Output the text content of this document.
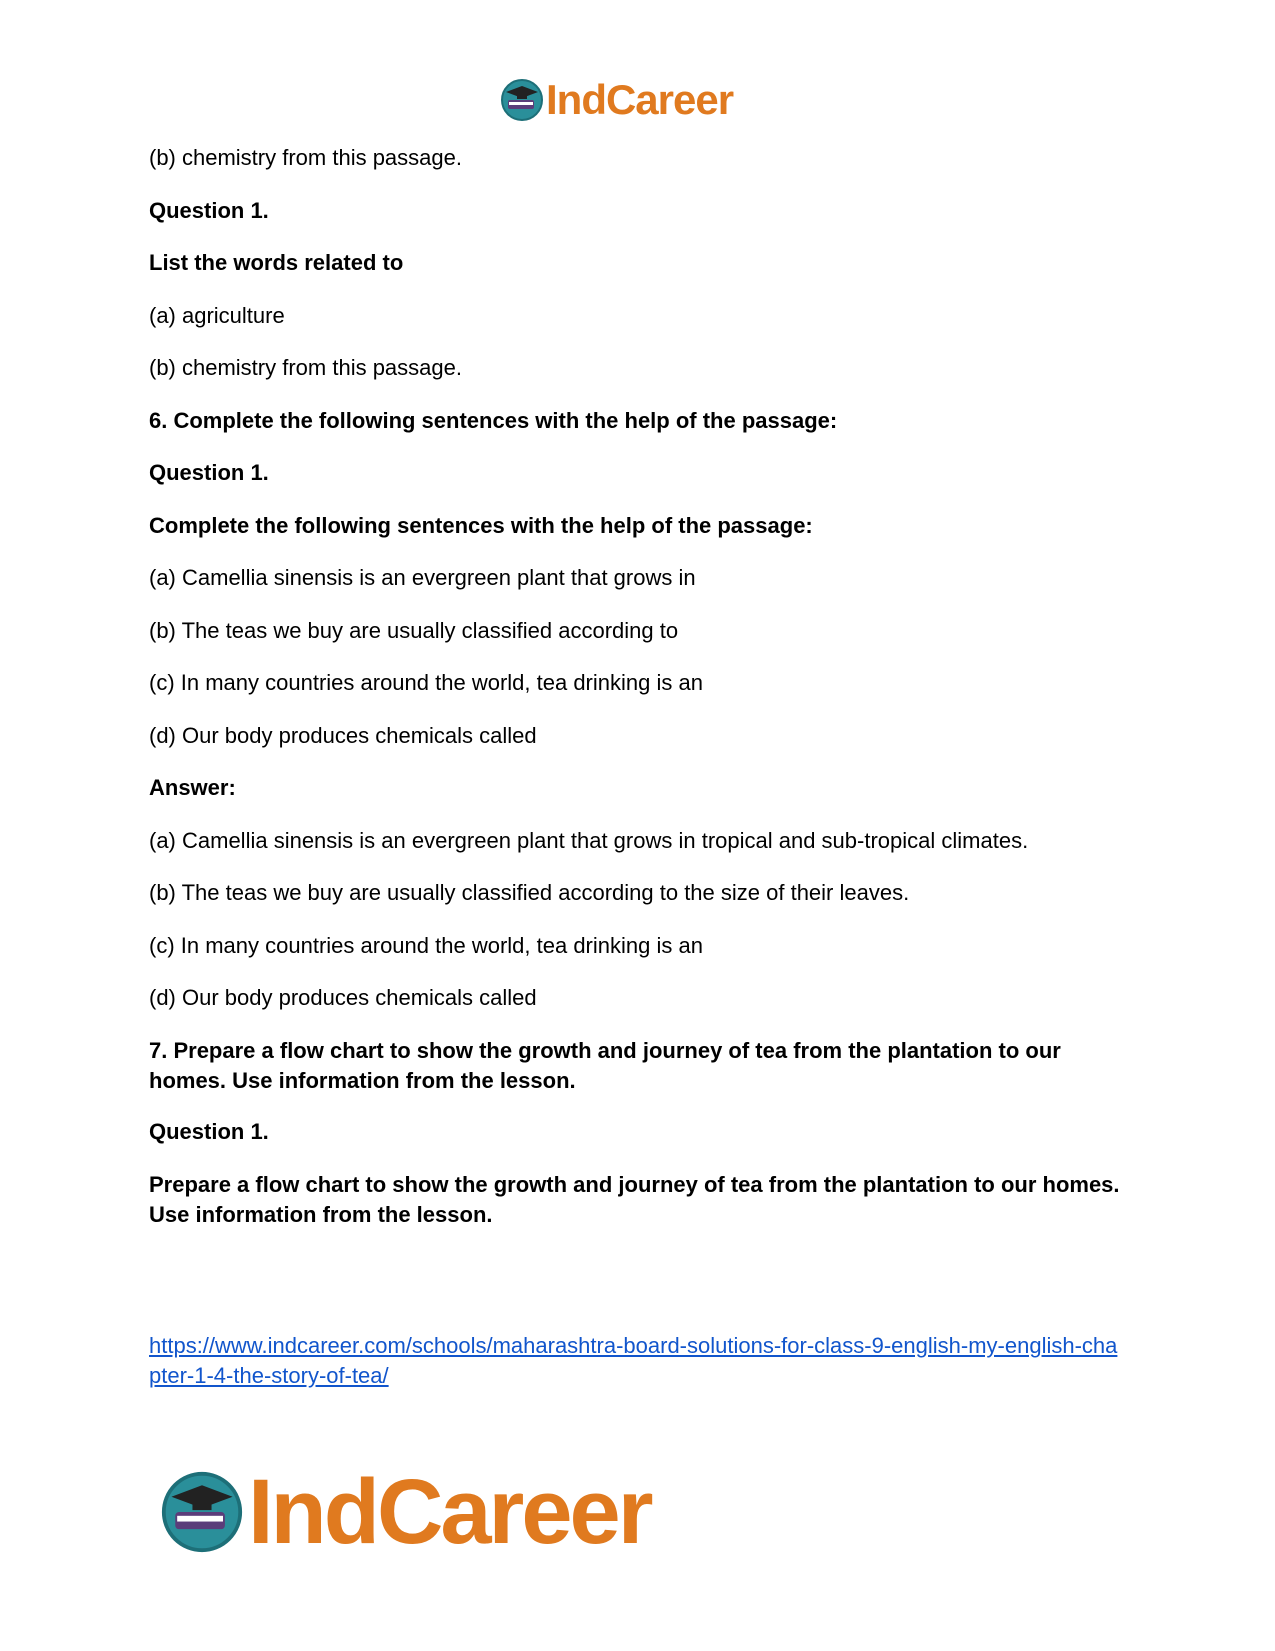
IndCareer
(b) chemistry from this passage.
Question 1.
List the words related to
(a) agriculture
(b) chemistry from this passage.
6. Complete the following sentences with the help of the passage:
Question 1.
Complete the following sentences with the help of the passage:
(a) Camellia sinensis is an evergreen plant that grows in
(b) The teas we buy are usually classified according to
(c) In many countries around the world, tea drinking is an
(d) Our body produces chemicals called
Answer:
(a) Camellia sinensis is an evergreen plant that grows in tropical and sub-tropical climates.
(b) The teas we buy are usually classified according to the size of their leaves.
(c) In many countries around the world, tea drinking is an
(d) Our body produces chemicals called
7. Prepare a flow chart to show the growth and journey of tea from the plantation to our homes. Use information from the lesson.
Question 1.
Prepare a flow chart to show the growth and journey of tea from the plantation to our homes. Use information from the lesson.
https://www.indcareer.com/schools/maharashtra-board-solutions-for-class-9-english-my-english-chapter-1-4-the-story-of-tea/
IndCareer
